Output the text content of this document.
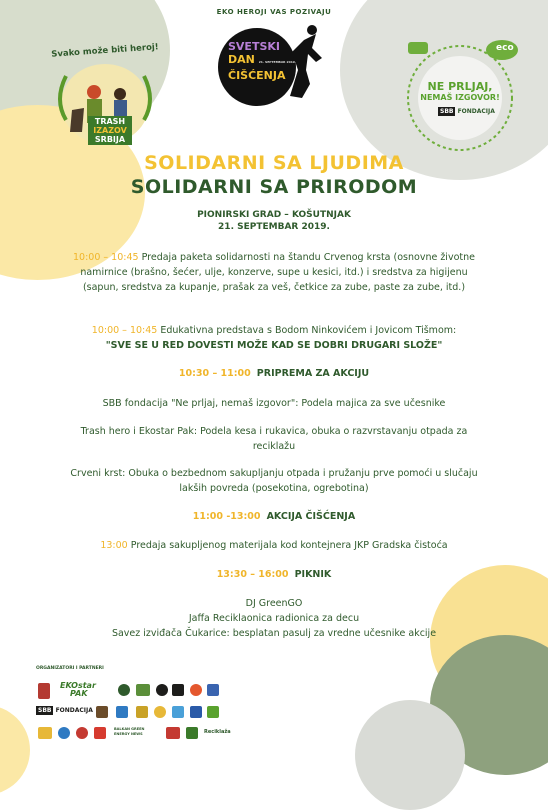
EKO HEROJI VAS POZIVAJU
Svako može biti heroj!
TRASH
IZAZOV
SRBIJA
SVETSKI
DAN 21. SEPTEMBAR 2019.
ČIŠĆENJA
eco
NE PRLJAJ,
NEMAŠ IZGOVOR!
SBB FONDACIJA
SOLIDARNI SA LJUDIMA
SOLIDARNI SA PRIRODOM
PIONIRSKI GRAD – KOŠUTNJAK
21. SEPTEMBAR 2019.
10:00 – 10:45 Predaja paketa solidarnosti na štandu Crvenog krsta (osnovne životne namirnice (brašno, šećer, ulje, konzerve, supe u kesici, itd.) i sredstva za higijenu (sapun, sredstva za kupanje, prašak za veš, četkice za zube, paste za zube, itd.)
10:00 – 10:45 Edukativna predstava s Bodom Ninkovićem i Jovicom Tišmom:
"SVE SE U RED DOVESTI MOŽE KAD SE DOBRI DRUGARI SLOŽE"
10:30 – 11:00 PRIPREMA ZA AKCIJU
SBB fondacija "Ne prljaj, nemaš izgovor": Podela majica za sve učesnike
Trash hero i Ekostar Pak: Podela kesa i rukavica, obuka o razvrstavanju otpada za reciklažu
Crveni krst: Obuka o bezbednom sakupljanju otpada i pružanju prve pomoći u slučaju lakših povreda (posekotina, ogrebotina)
11:00 -13:00 AKCIJA ČIŠĆENJA
13:00 Predaja sakupljenog materijala kod kontejnera JKP Gradska čistoća
13:30 – 16:00 PIKNIK
DJ GreenGO
Jaffa Reciklaonica radionica za decu
Savez izviđača Čukarice: besplatan pasulj za vredne učesnike akcije
ORGANIZATORI I PARTNERI
EKOstar
PAK
SBB FONDACIJA
BALKAN GREEN ENERGY NEWS	Reciklaža
